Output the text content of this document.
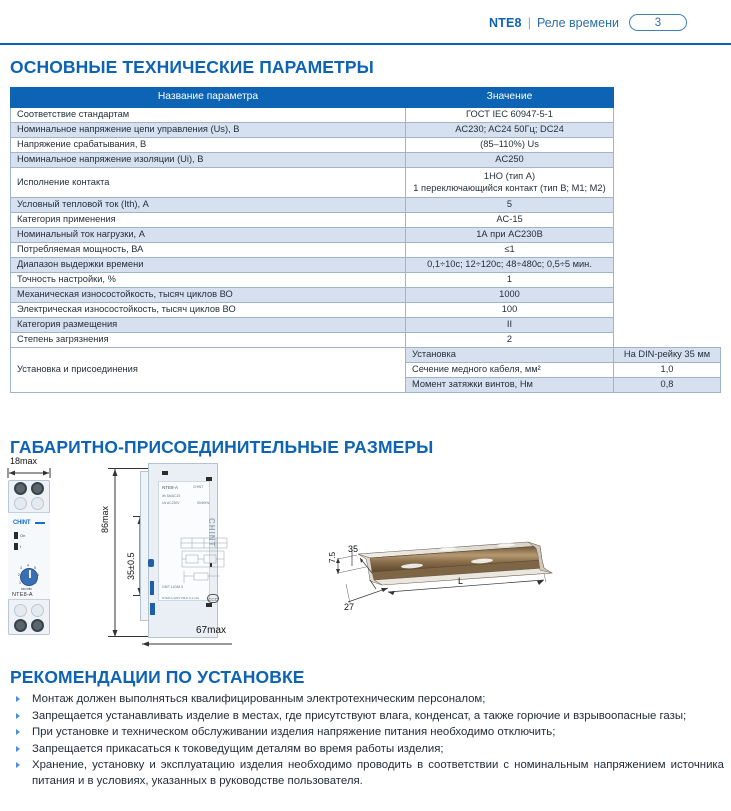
NTE8 | Реле времени	3
ОСНОВНЫЕ ТЕХНИЧЕСКИЕ ПАРАМЕТРЫ
Название параметра	Значение	
Соответствие стандартам	ГОСТ IEC 60947-5-1	
Номинальное напряжение цепи управления (Us), В	AC230; AC24 50Гц; DC24	
Напряжение срабатывания, В	(85–110%) Us	
Номинальное напряжение изоляции (Ui), В	AC250	
Исполнение контакта	1НО (тип А)
1 переключающийся контакт (тип B; M1; M2)	

Условный тепловой ток (Ith), А	5	
Категория применения	AC-15	
Номинальный ток нагрузки, А	1А при AC230В	
Потребляемая мощность, ВА	≤1	
Диапазон выдержки времени	0,1÷10с; 12÷120с; 48÷480с; 0,5÷5 мин.	
Точность настройки, %	1	
Механическая износостойкость, тысяч циклов ВО	1000	
Электрическая износостойкость, тысяч циклов ВО	100	
Категория размещения	II	
Степень загрязнения	2	
Установка и присоединения	Установка	На DIN-рейку 35 мм
	Сечение медного кабеля, мм²	1,0
	Момент затяжки винтов, Нм	0,8
ГАБАРИТНО-ПРИСОЕДИНИТЕЛЬНЫЕ РАЗМЕРЫ
18max
CHINT
On
t
3
4
5
6
2
1	7
sec/min
NTE8-A
86max
35±0.5
NTE8-A	CHINT
Ith 5A/AC15
Us AC230V	50/60Hz
GB/T 14048.5
CCC
NTE8-A 220V 50Hz 0,1-10s
CHINT
67max
35
7.5
27
L
РЕКОМЕНДАЦИИ ПО УСТАНОВКЕ
Монтаж должен выполняться квалифицированным электротехническим персоналом;
Запрещается устанавливать изделие в местах, где присутствуют влага, конденсат, а также горючие и взрывоопасные газы;
При установке и техническом обслуживании изделия напряжение питания необходимо отключить;
Запрещается прикасаться к токоведущим деталям во время работы изделия;
Хранение, установку и эксплуатацию изделия необходимо проводить в соответствии с номинальным напряжением источника питания и в условиях, указанных в руководстве пользователя.
